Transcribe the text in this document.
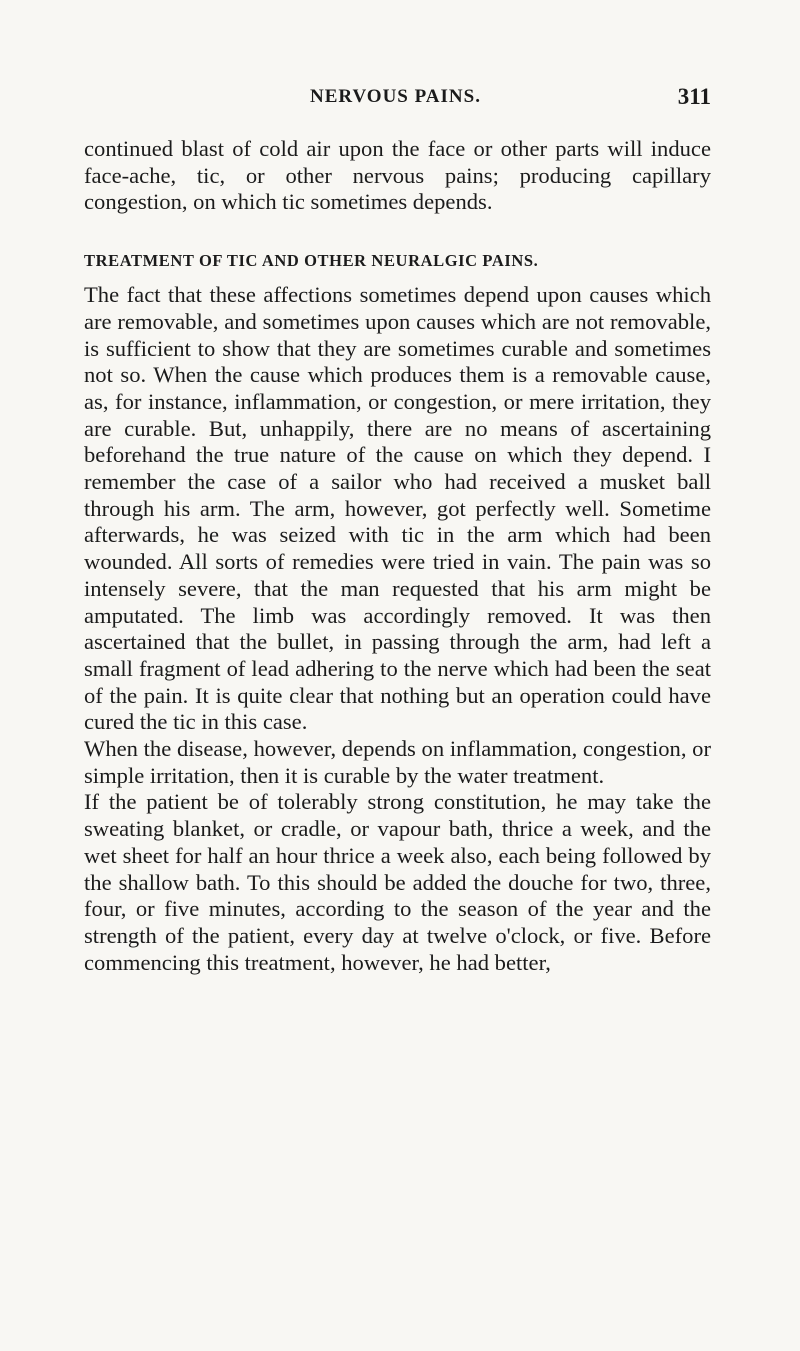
NERVOUS PAINS.	311

continued blast of cold air upon the face or other parts will induce face-ache, tic, or other nervous pains; producing capillary congestion, on which tic sometimes depends.

TREATMENT OF TIC AND OTHER NEURALGIC PAINS.

The fact that these affections sometimes depend upon causes which are removable, and sometimes upon causes which are not removable, is sufficient to show that they are sometimes curable and sometimes not so. When the cause which produces them is a removable cause, as, for instance, inflammation, or congestion, or mere irritation, they are curable. But, unhappily, there are no means of ascertaining beforehand the true nature of the cause on which they depend. I remember the case of a sailor who had received a musket ball through his arm. The arm, however, got perfectly well. Sometime afterwards, he was seized with tic in the arm which had been wounded. All sorts of remedies were tried in vain. The pain was so intensely severe, that the man requested that his arm might be amputated. The limb was accordingly removed. It was then ascertained that the bullet, in passing through the arm, had left a small fragment of lead adhering to the nerve which had been the seat of the pain. It is quite clear that nothing but an operation could have cured the tic in this case.

When the disease, however, depends on inflammation, congestion, or simple irritation, then it is curable by the water treatment.

If the patient be of tolerably strong constitution, he may take the sweating blanket, or cradle, or vapour bath, thrice a week, and the wet sheet for half an hour thrice a week also, each being followed by the shallow bath. To this should be added the douche for two, three, four, or five minutes, according to the season of the year and the strength of the patient, every day at twelve o'clock, or five. Before commencing this treatment, however, he had better,
